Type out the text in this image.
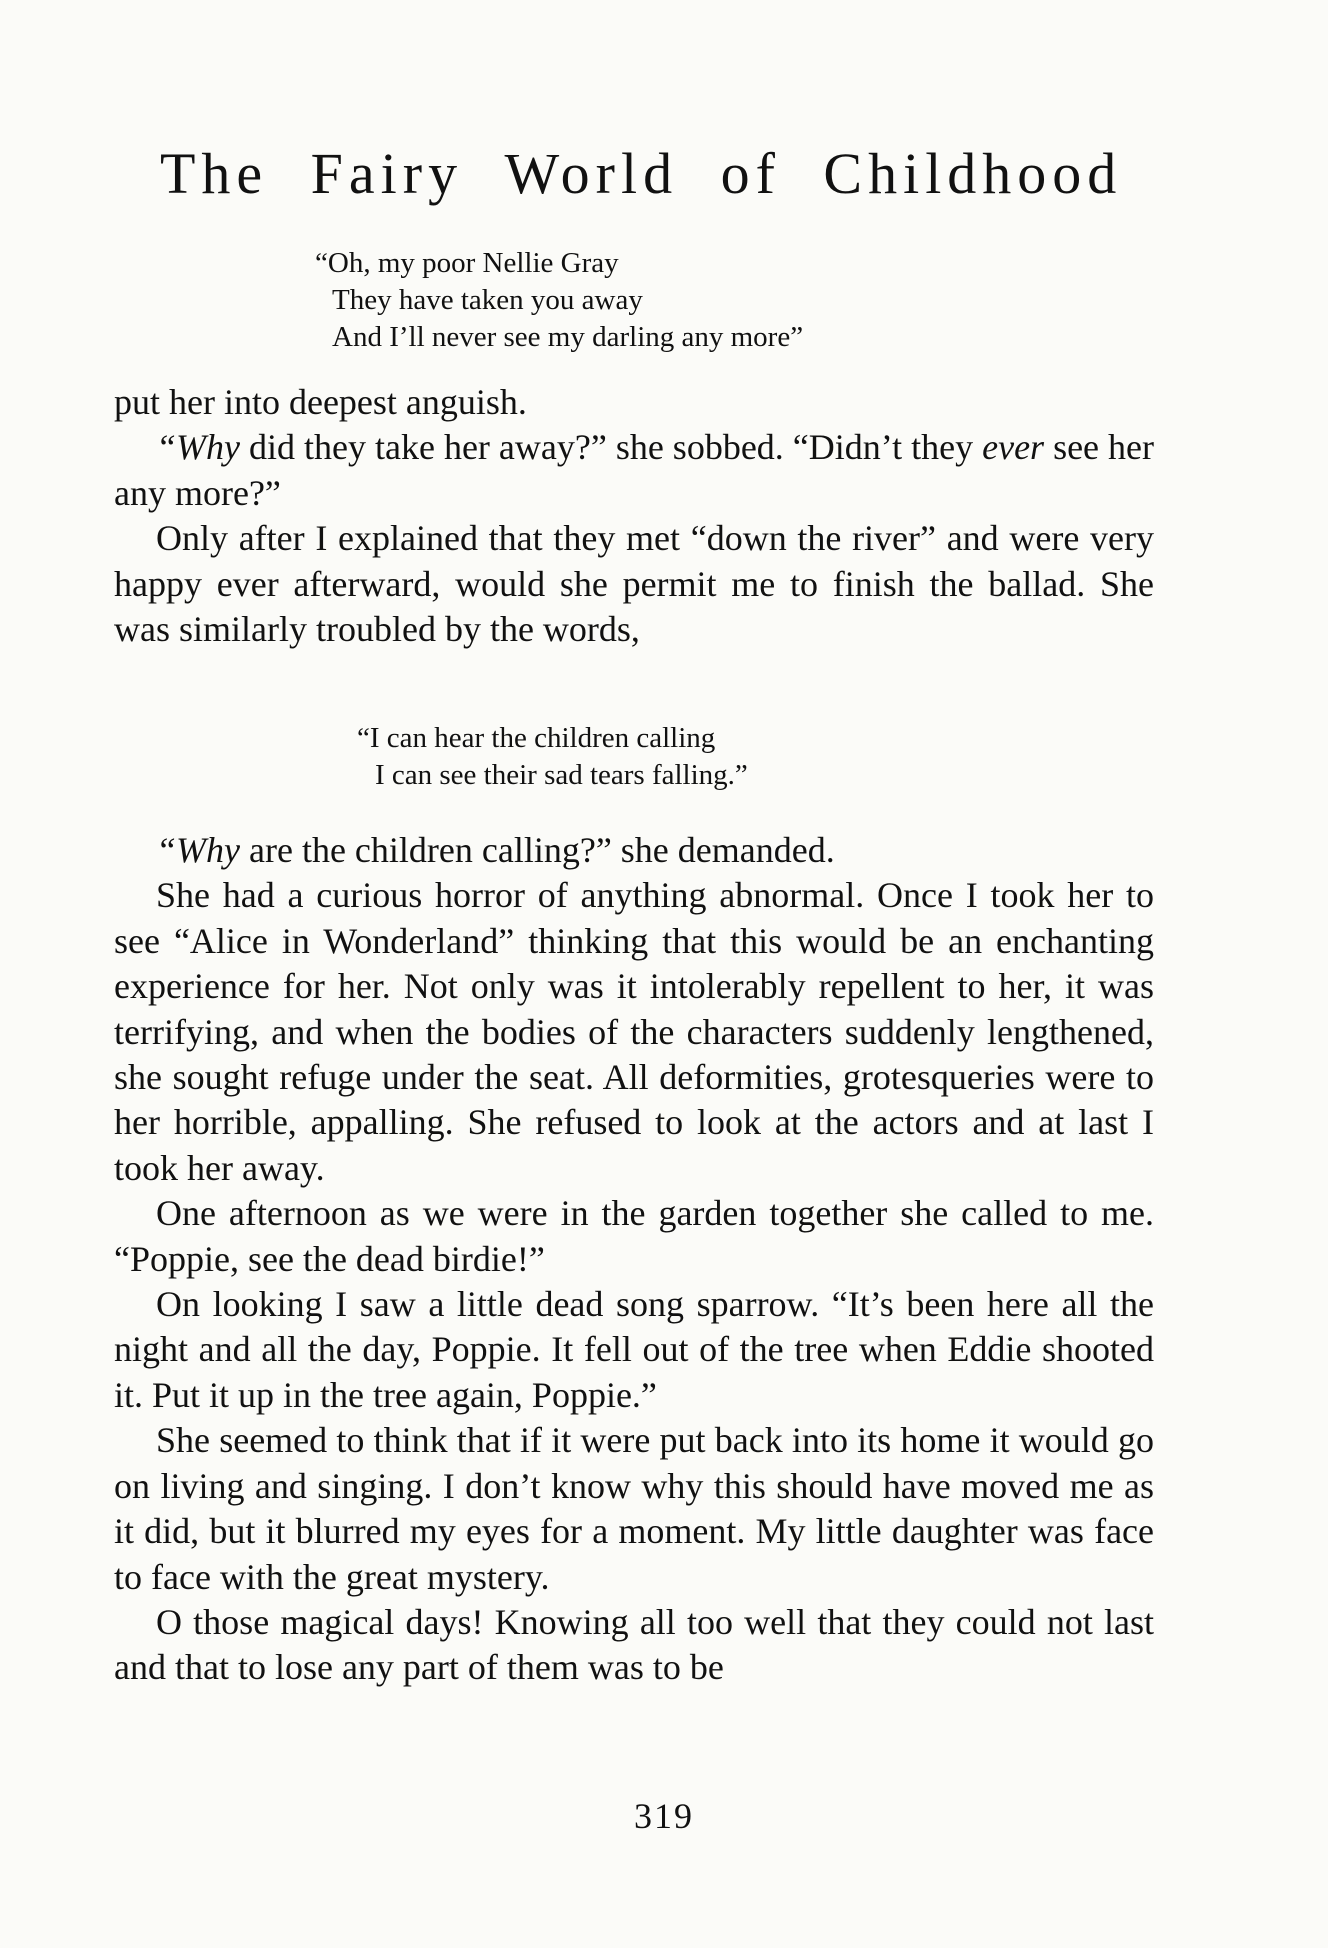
The Fairy World of Childhood
“Oh, my poor Nellie Gray
They have taken you away
And I’ll never see my darling any more”

put her into deepest anguish.

“Why did they take her away?” she sobbed. “Didn’t they ever see her any more?”

Only after I explained that they met “down the river” and were very happy ever afterward, would she permit me to finish the ballad. She was similarly troubled by the words,

“I can hear the children calling
I can see their sad tears falling.”

“Why are the children calling?” she demanded.

She had a curious horror of anything abnormal. Once I took her to see “Alice in Wonderland” thinking that this would be an enchanting experience for her. Not only was it intolerably repellent to her, it was terrifying, and when the bodies of the characters suddenly lengthened, she sought refuge under the seat. All deformities, grotesqueries were to her horrible, appalling. She refused to look at the actors and at last I took her away.

One afternoon as we were in the garden together she called to me. “Poppie, see the dead birdie!”

On looking I saw a little dead song sparrow. “It’s been here all the night and all the day, Poppie. It fell out of the tree when Eddie shooted it. Put it up in the tree again, Poppie.”

She seemed to think that if it were put back into its home it would go on living and singing. I don’t know why this should have moved me as it did, but it blurred my eyes for a moment. My little daughter was face to face with the great mystery.

O those magical days! Knowing all too well that they could not last and that to lose any part of them was to be

319
